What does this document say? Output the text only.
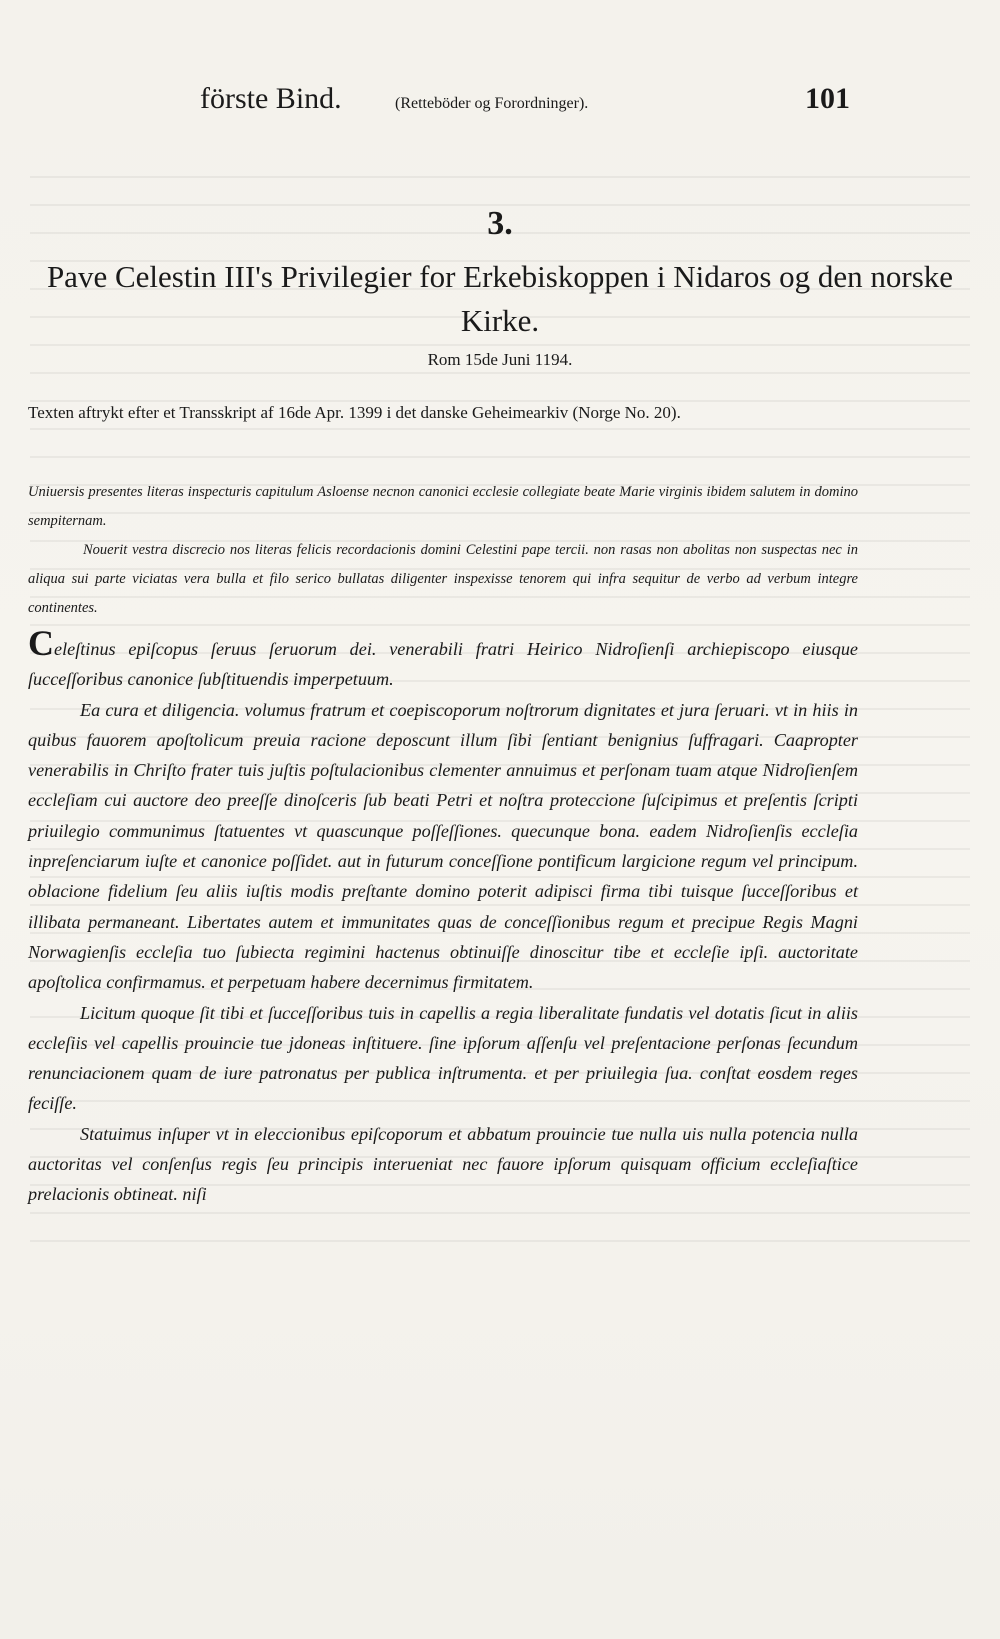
förste Bind.	(Retteböder og Forordninger).	101
3.
Pave Celestin III's Privilegier for Erkebiskoppen i Nidaros og den norske Kirke.
Rom 15de Juni 1194.
Texten aftrykt efter et Transskript af 16de Apr. 1399 i det danske Geheimearkiv (Norge No. 20).

Uniuersis presentes literas inspecturis capitulum Asloense necnon canonici ecclesie collegiate beate Marie virginis ibidem salutem in domino sempiternam.

Nouerit vestra discrecio nos literas felicis recordacionis domini Celestini pape tercii. non rasas non abolitas non suspectas nec in aliqua sui parte viciatas vera bulla et filo serico bullatas diligenter inspexisse tenorem qui infra sequitur de verbo ad verbum integre continentes.

Celeſtinus epiſcopus ſeruus ſeruorum dei. venerabili fratri Heirico Nidroſienſi archiepiscopo eiusque ſucceſſoribus canonice ſubſtituendis imperpetuum.

Ea cura et diligencia. volumus fratrum et coepiscoporum noſtrorum dignitates et jura ſeruari. vt in hiis in quibus fauorem apoſtolicum preuia racione deposcunt illum ſibi ſentiant benignius ſuffragari. Caapropter venerabilis in Chriſto frater tuis juſtis poſtulacionibus clementer annuimus et perſonam tuam atque Nidroſienſem eccleſiam cui auctore deo preeſſe dinoſceris ſub beati Petri et noſtra proteccione ſuſcipimus et preſentis ſcripti priuilegio communimus ſtatuentes vt quascunque poſſeſſiones. quecunque bona. eadem Nidroſienſis eccleſia inpreſenciarum iuſte et canonice poſſidet. aut in futurum conceſſione pontificum largicione regum vel principum. oblacione fidelium ſeu aliis iuſtis modis preſtante domino poterit adipisci firma tibi tuisque ſucceſſoribus et illibata permaneant. Libertates autem et immunitates quas de conceſſionibus regum et precipue Regis Magni Norwagienſis eccleſia tuo ſubiecta regimini hactenus obtinuiſſe dinoscitur tibe et eccleſie ipſi. auctoritate apoſtolica confirmamus. et perpetuam habere decernimus firmitatem.

Licitum quoque ſit tibi et ſucceſſoribus tuis in capellis a regia liberalitate fundatis vel dotatis ſicut in aliis eccleſiis vel capellis prouincie tue jdoneas inſtituere. ſine ipſorum aſſenſu vel preſentacione perſonas ſecundum renunciacionem quam de iure patronatus per publica inſtrumenta. et per priuilegia ſua. conſtat eosdem reges feciſſe.

Statuimus inſuper vt in eleccionibus epiſcoporum et abbatum prouincie tue nulla uis nulla potencia nulla auctoritas vel conſenſus regis ſeu principis interueniat nec fauore ipſorum quisquam officium eccleſiaſtice prelacionis obtineat. niſi
